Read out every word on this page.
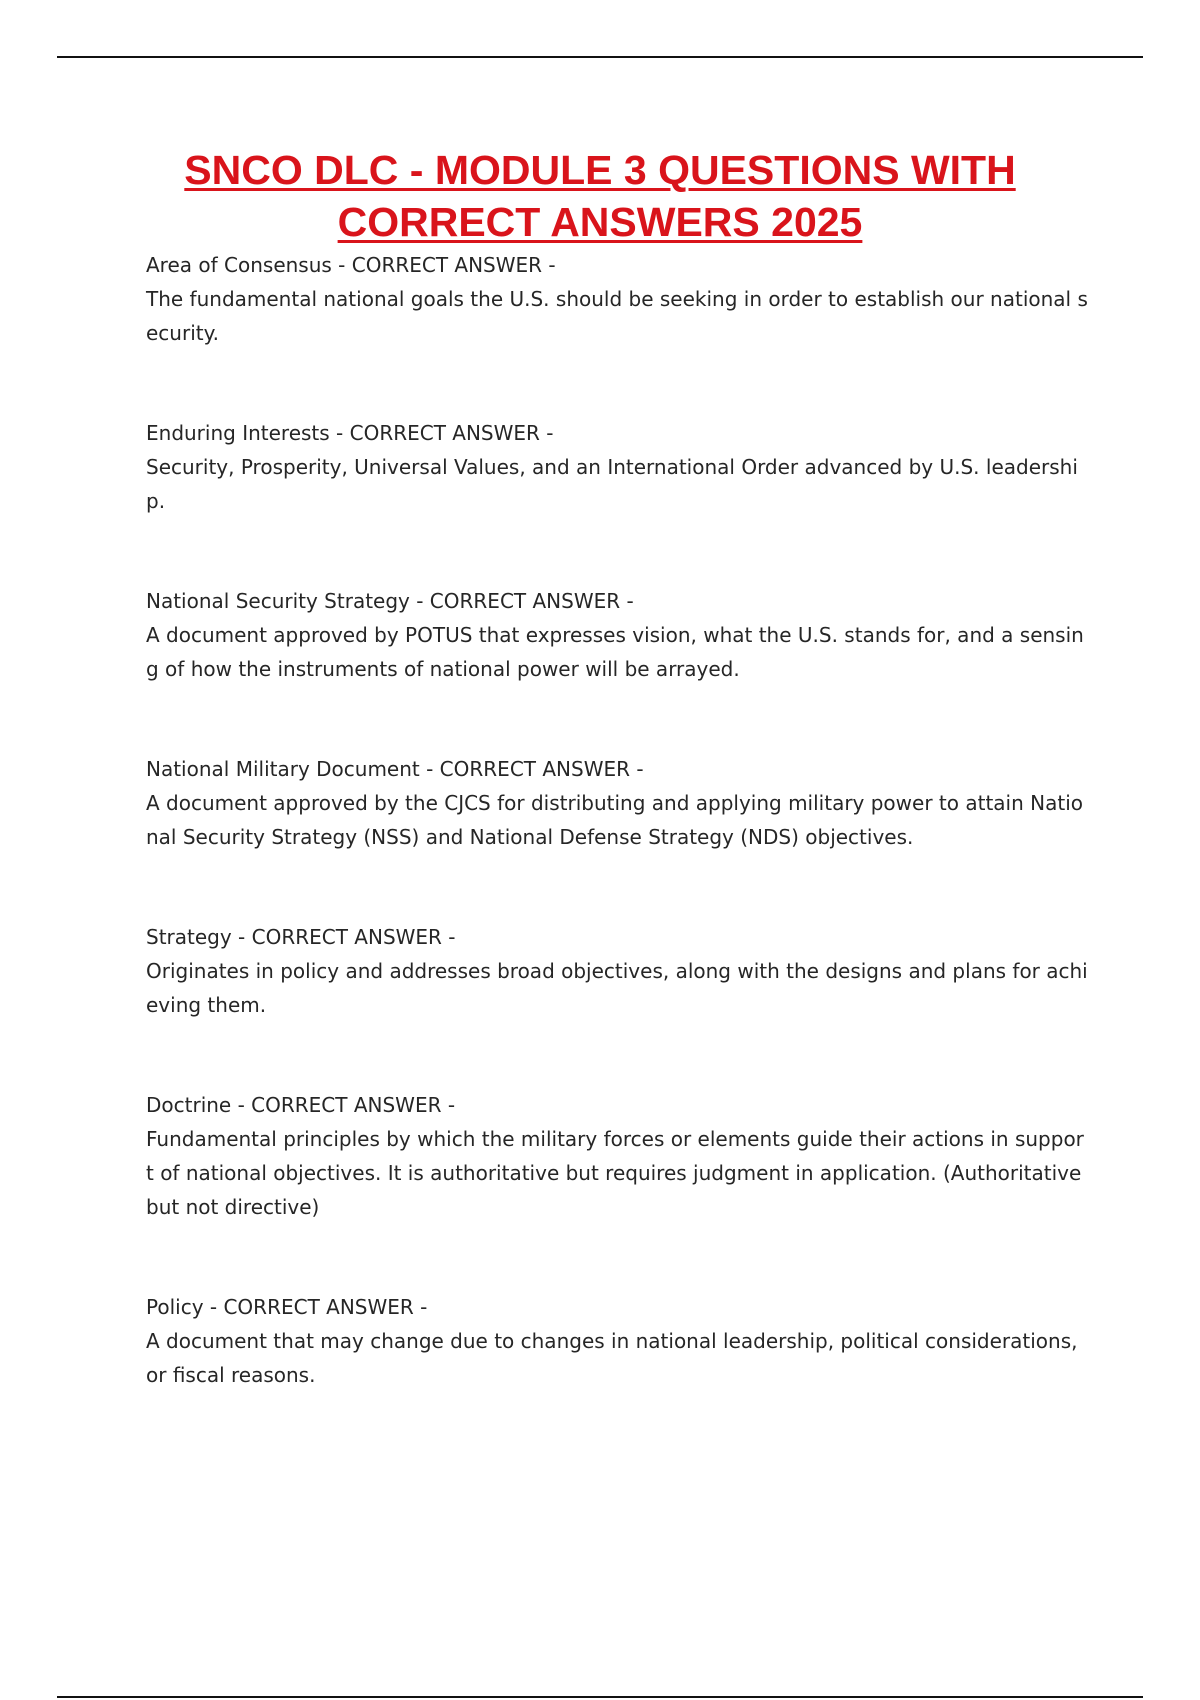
SNCO DLC - MODULE 3 QUESTIONS WITH
CORRECT ANSWERS 2025

Area of Consensus - CORRECT ANSWER -

The fundamental national goals the U.S. should be seeking in order to establish our national security.

Enduring Interests - CORRECT ANSWER -

Security, Prosperity, Universal Values, and an International Order advanced by U.S. leadership.

National Security Strategy - CORRECT ANSWER -

A document approved by POTUS that expresses vision, what the U.S. stands for, and a sensing of how the instruments of national power will be arrayed.

National Military Document - CORRECT ANSWER -

A document approved by the CJCS for distributing and applying military power to attain National Security Strategy (NSS) and National Defense Strategy (NDS) objectives.

Strategy - CORRECT ANSWER -

Originates in policy and addresses broad objectives, along with the designs and plans for achieving them.

Doctrine - CORRECT ANSWER -

Fundamental principles by which the military forces or elements guide their actions in support of national objectives. It is authoritative but requires judgment in application. (Authoritative but not directive)

Policy - CORRECT ANSWER -

A document that may change due to changes in national leadership, political considerations, or fiscal reasons.
